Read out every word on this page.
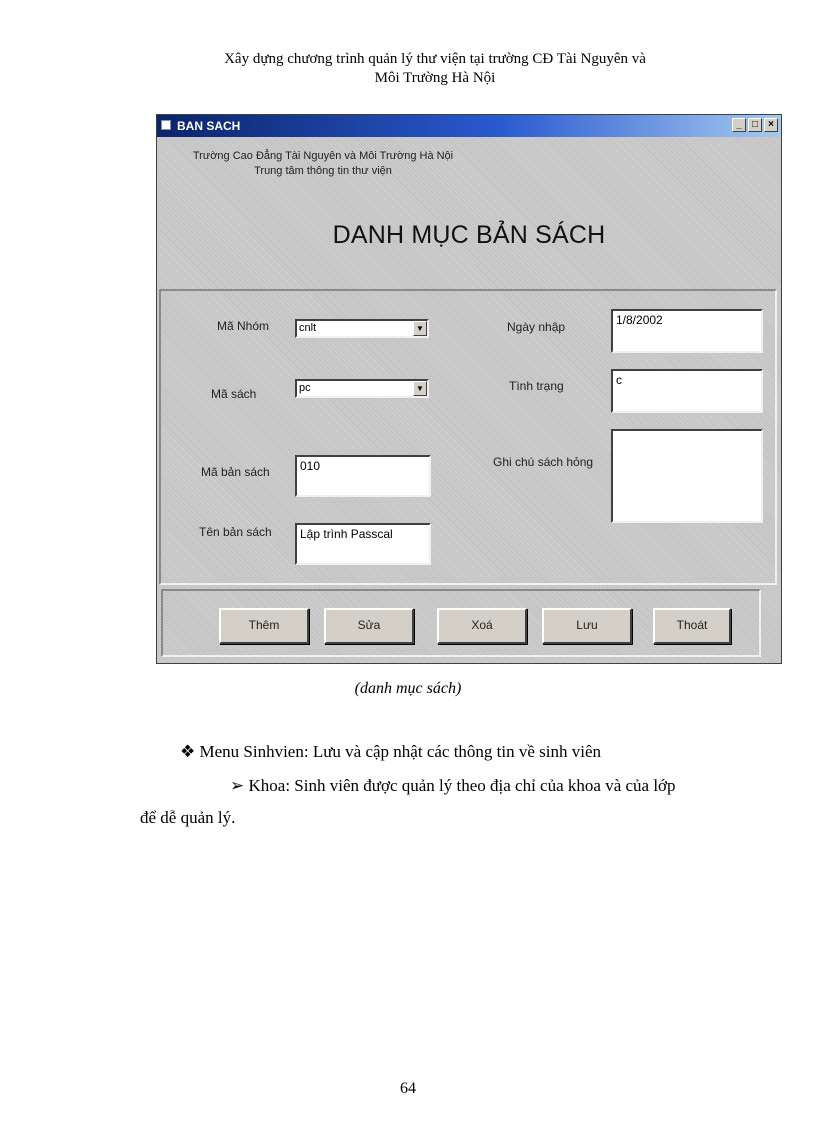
Xây dựng chương trình quản lý thư viện tại trường CĐ Tài Nguyên và
Môi Trường Hà Nội
BAN SACH	_	□	×
Trường Cao Đẳng Tài Nguyên và Môi Trường Hà Nội
Trung tâm thông tin thư viện
DANH MỤC BẢN SÁCH
Mã Nhóm	cnlt	▼
Mã sách	pc	▼
Mã bản sách	010
Tên bản sách	Lập trình Passcal
Ngày nhập	1/8/2002
Tình trạng	c
Ghi chú sách hỏng
Thêm	Sửa	Xoá	Lưu	Thoát
(danh mục sách)
❖ Menu Sinhvien: Lưu và cập nhật các thông tin về sinh viên
➢ Khoa: Sinh viên được quản lý theo địa chỉ của khoa và của lớp
để dễ quản lý.
64
